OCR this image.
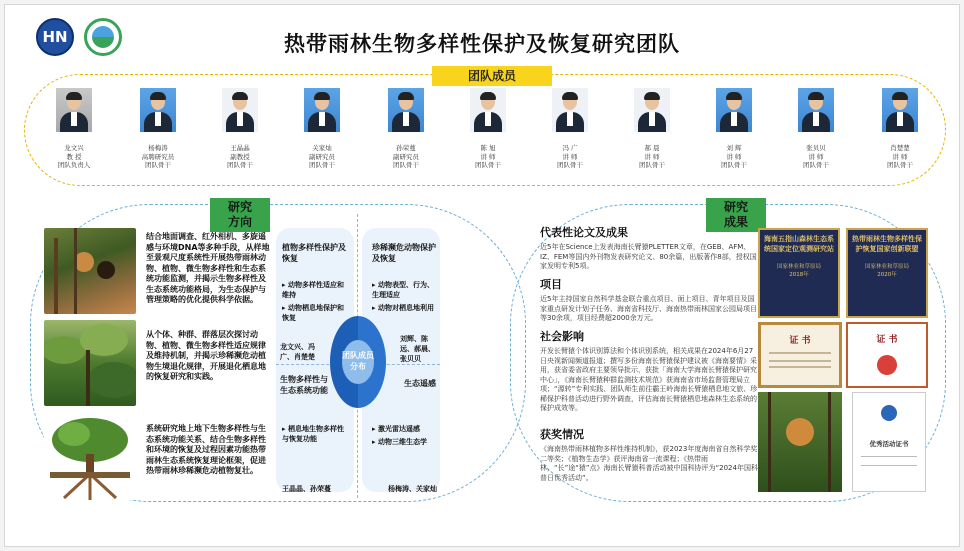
HN	热带雨林生物多样性保护及恢复研究团队
团队成员
龙文兴
教 授
团队负责人
杨梅涛
高聘研究员
团队骨干
王晶晶
副教授
团队骨干
关家灿
副研究员
团队骨干
孙荣蔓
副研究员
团队骨干
陈 旭
讲 师
团队骨干
冯 广
讲 师
团队骨干
郝 晨
讲 师
团队骨干
刘 辉
讲 师
团队骨干
张贝贝
讲 师
团队骨干
肖楚楚
讲 师
团队骨干
研究方向
结合地面调查、红外相机、多旋遥感与环境DNA等多种手段，从样地至景观尺度系统性开展热带雨林动物、植物、微生物多样性和生态系统功能监测，并揭示生物多样性及生态系统功能格局，为生态保护与管理策略的优化提供科学依据。
从个体、种群、群落层次探讨动物、植物、微生物多样性适应规律及维持机制，并揭示珍稀濒危动植物生境退化规律，开展退化栖息地的恢复研究和实践。
系统研究地上地下生物多样性与生态系统功能关系、结合生物多样性和环境的恢复及过程因素功能热带雨林生态系统恢复理论框架，促进热带雨林珍稀濒危动植物复壮。
植物多样性保护及恢复
▸ 动物多样性适应和维持
▸ 动物栖息地保护和恢复
珍稀濒危动物保护及恢复
▸ 动物表型、行为、生理适应
▸ 动物对栖息地利用
刘辉、陈远、郝晨、张贝贝
龙文兴、冯广、肖楚楚
生物多样性与生态系统功能
生态遥感
▸ 栖息地生物多样性与恢复功能
王晶晶、孙荣蔓
▸ 激光雷达遥感
▸ 动物三维生态学
杨梅涛、关家灿
团队成员分布
研究成果
代表性论文及成果
近5年在Science上发表海南长臂猿PLETTER文章，在GEB、AFM、IZ、FEM等国内外刊物发表研究论文、80余篇，出版著作8部，授权国家发明专利5项。
项目
近5年主持国家自然科学基金联合重点项目、面上项目、青年项目及国家重点研发计划子任务、海南省科技厅、海南热带雨林国家公园局项目等30余项，项目经费超2000余万元。
社会影响
开发长臂猿个体识别算法和个体识别系统，相关成果在2024年6月27日央视新闻频道报道；撰写多份海南长臂猿保护建议被《海南要情》采用，获省委省政府主要领导批示，获批「海南大学海南长臂猿保护研究中心」，《海南长臂猿种群监测技术规范》获海南省市场监督管理局立项；“源转”专利实践、团队师生前往霸王岭海南长臂猿栖息地文旅、珍稀保护科普活动进行野外调查，评估海南长臂猿栖息地森林生态系统的保护成效等。
获奖情况
《海南热带雨林植物多样性维持机制》，获2023年度海南省自然科学奖二等奖；《植物生态学》获评海南省一流课程；《热带雨林，“长”途“猿”点》海南长臂猿科普活动被中国科协评为“2024年国科普日优秀活动”。
海南五指山森林生态系统国家定位观测研究站
国家林业和草原局
2018年
热带雨林生物多样性保护恢复国家创新联盟
国家林业和草原局
2020年
证 书	证 书
优秀活动证书
